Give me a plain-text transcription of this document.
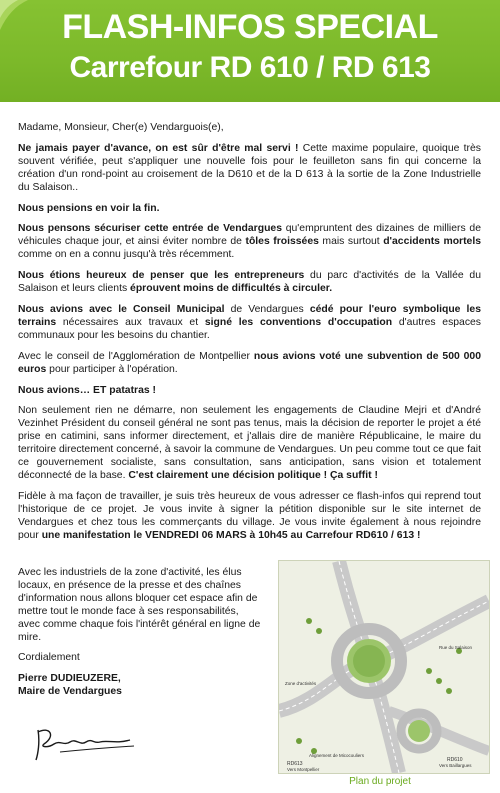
FLASH-INFOS SPECIAL
Carrefour RD 610 / RD 613

Madame, Monsieur, Cher(e) Vendarguois(e),

Ne jamais payer d'avance, on est sûr d'être mal servi ! Cette maxime populaire, quoique très souvent vérifiée, peut s'appliquer une nouvelle fois pour le feuilleton sans fin qui concerne la création d'un rond-point au croisement de la D610 et de la D 613 à la sortie de la Zone Industrielle du Salaison..

Nous pensions en voir la fin.

Nous pensons sécuriser cette entrée de Vendargues qu'empruntent des dizaines de milliers de véhicules chaque jour, et ainsi éviter nombre de tôles froissées mais surtout d'accidents mortels comme on en a connu jusqu'à très récemment.

Nous étions heureux de penser que les entrepreneurs du parc d'activités de la Vallée du Salaison et leurs clients éprouvent moins de difficultés à circuler.

Nous avions avec le Conseil Municipal de Vendargues cédé pour l'euro symbolique les terrains nécessaires aux travaux et signé les conventions d'occupation d'autres espaces communaux pour les besoins du chantier.

Avec le conseil de l'Agglomération de Montpellier nous avions voté une subvention de 500 000 euros pour participer à l'opération.

Nous avions… ET patatras !

Non seulement rien ne démarre, non seulement les engagements de Claudine Mejri et d'André Vezinhet Président du conseil général ne sont pas tenus, mais la décision de reporter le projet a été prise en catimini, sans informer directement, et j'allais dire de manière Républicaine, le maire du territoire directement concerné, à savoir la commune de Vendargues. Un peu comme tout ce que fait ce gouvernement socialiste, sans consultation, sans anticipation, sans vision et totalement déconnecté de la base. C'est clairement une décision politique ! Ça suffit !

Fidèle à ma façon de travailler, je suis très heureux de vous adresser ce flash-infos qui reprend tout l'historique de ce projet. Je vous invite à signer la pétition disponible sur le site internet de Vendargues et chez tous les commerçants du village. Je vous invite également à nous rejoindre pour une manifestation le VENDREDI 06 MARS à 10h45 au Carrefour RD610 / 613 !

Avec les industriels de la zone d'activité, les élus locaux, en présence de la presse et des chaînes d'information nous allons bloquer cet espace afin de mettre tout le monde face à ses responsabilités, avec comme chaque fois l'intérêt général en ligne de mire.

Cordialement

Pierre DUDIEUZERE,
Maire de Vendargues

RD613
Vers Montpellier
RD610
Vers Baillargues
Rue du Salaison
Zone d'activités
Alignement de Micocouliers
Plan du projet
